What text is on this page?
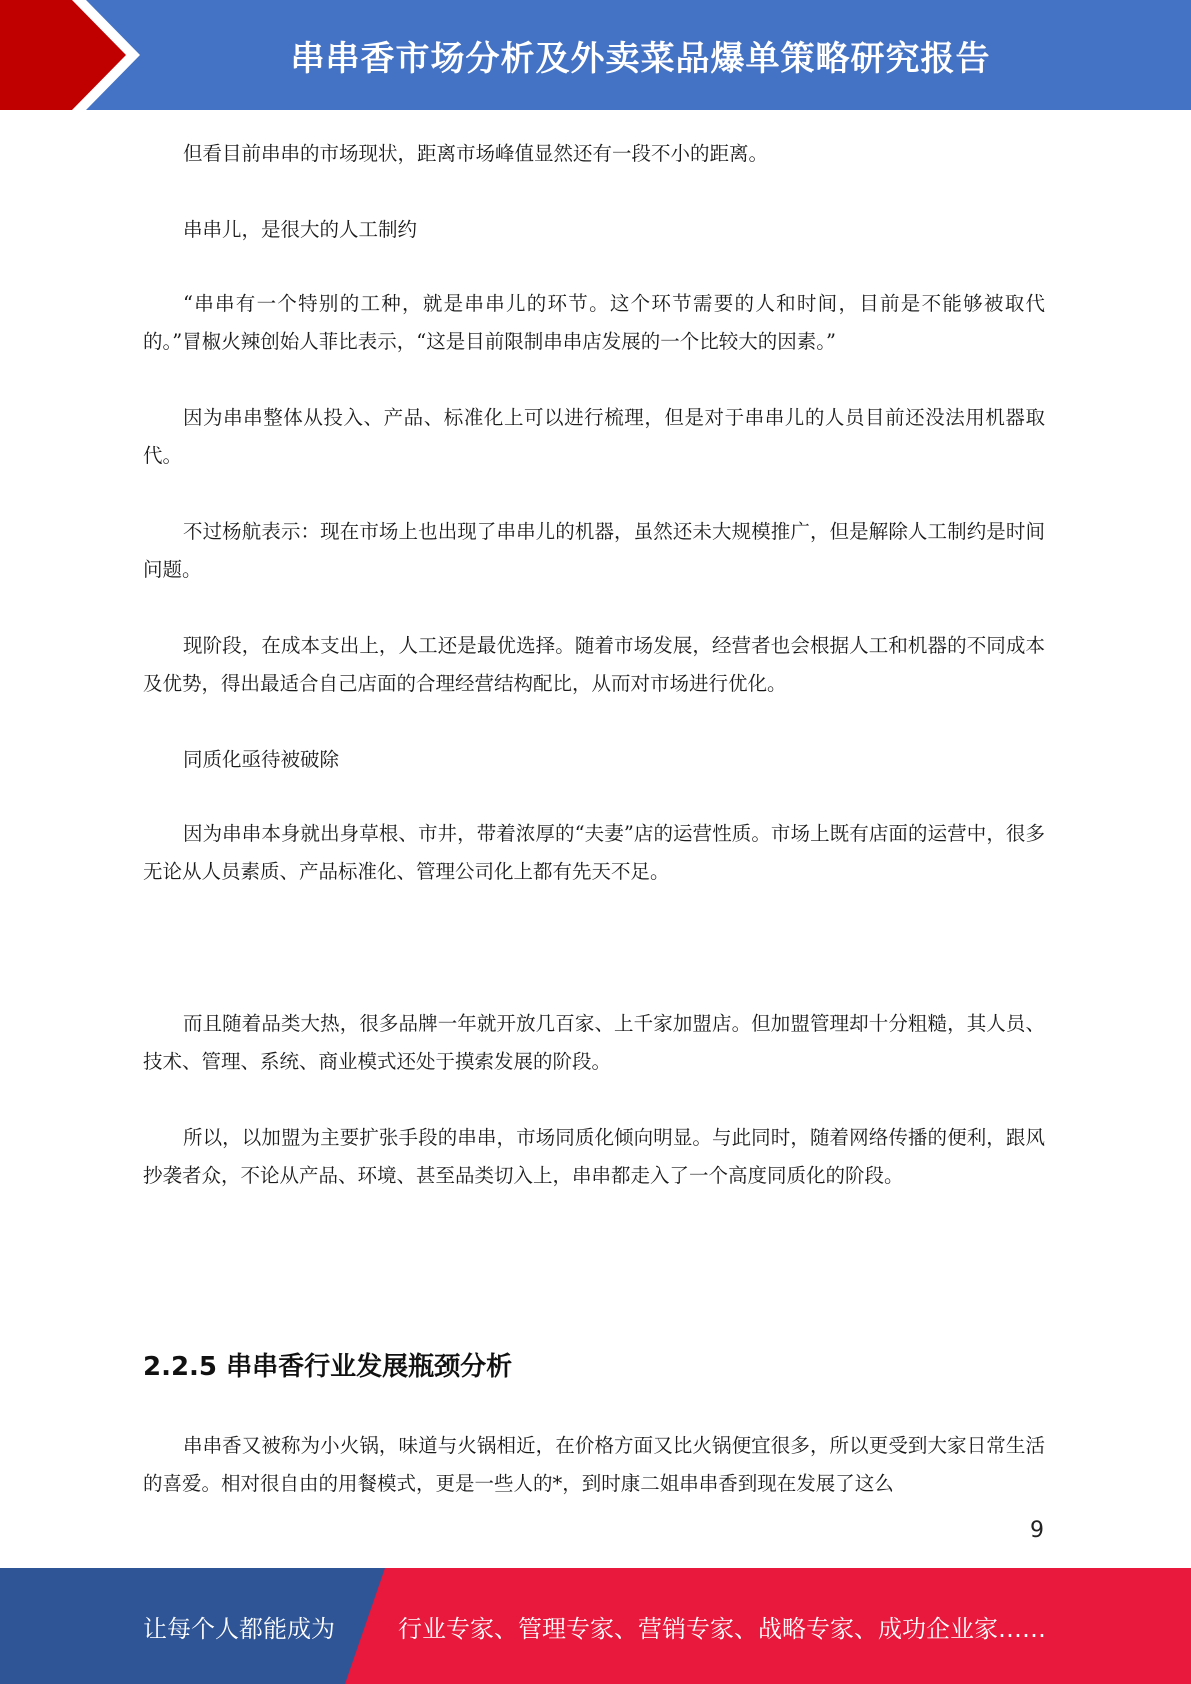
串串香市场分析及外卖菜品爆单策略研究报告

但看目前串串的市场现状，距离市场峰值显然还有一段不小的距离。

串串儿，是很大的人工制约

“串串有一个特别的工种，就是串串儿的环节。这个环节需要的人和时间，目前是不能够被取代的。”冒椒火辣创始人菲比表示，“这是目前限制串串店发展的一个比较大的因素。”

因为串串整体从投入、产品、标准化上可以进行梳理，但是对于串串儿的人员目前还没法用机器取代。

不过杨航表示：现在市场上也出现了串串儿的机器，虽然还未大规模推广，但是解除人工制约是时间问题。

现阶段，在成本支出上，人工还是最优选择。随着市场发展，经营者也会根据人工和机器的不同成本及优势，得出最适合自己店面的合理经营结构配比，从而对市场进行优化。

同质化亟待被破除

因为串串本身就出身草根、市井，带着浓厚的“夫妻”店的运营性质。市场上既有店面的运营中，很多无论从人员素质、产品标准化、管理公司化上都有先天不足。

而且随着品类大热，很多品牌一年就开放几百家、上千家加盟店。但加盟管理却十分粗糙，其人员、技术、管理、系统、商业模式还处于摸索发展的阶段。

所以，以加盟为主要扩张手段的串串，市场同质化倾向明显。与此同时，随着网络传播的便利，跟风抄袭者众，不论从产品、环境、甚至品类切入上，串串都走入了一个高度同质化的阶段。

2.2.5 串串香行业发展瓶颈分析

串串香又被称为小火锅，味道与火锅相近，在价格方面又比火锅便宜很多，所以更受到大家日常生活的喜爱。相对很自由的用餐模式，更是一些人的*，到时康二姐串串香到现在发展了这么

9
让每个人都能成为	行业专家、管理专家、营销专家、战略专家、成功企业家……
